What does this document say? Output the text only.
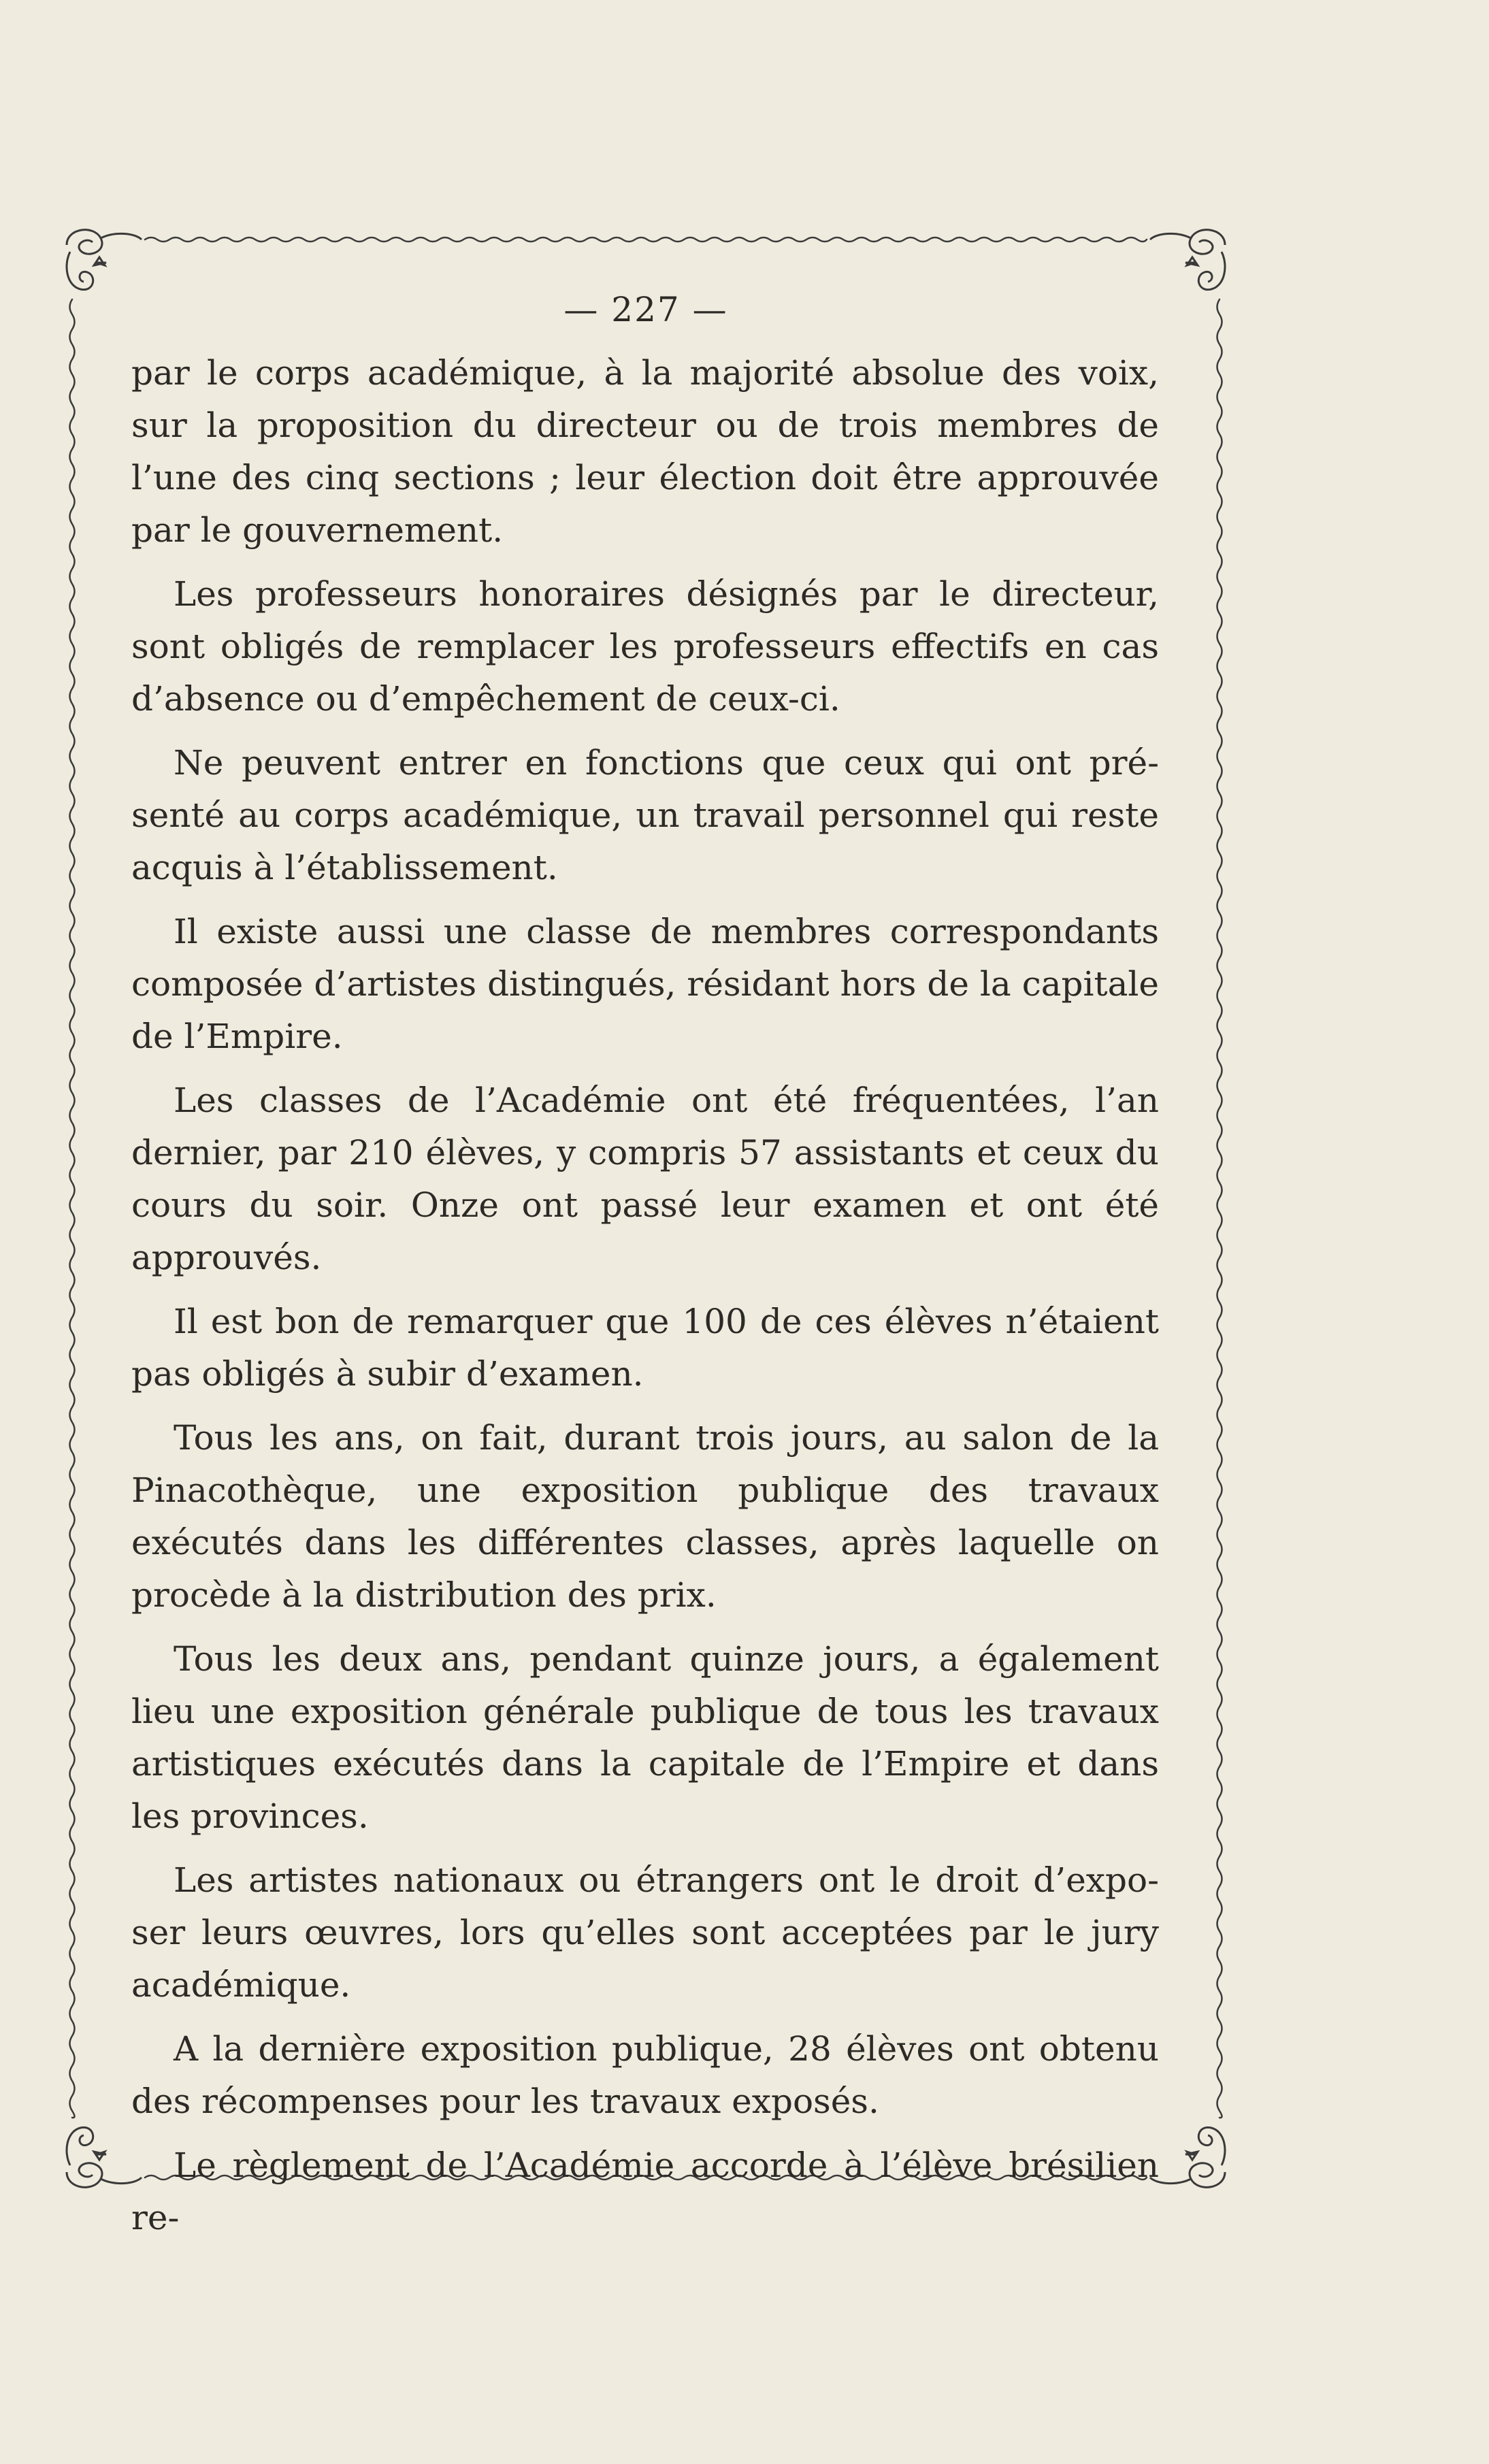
— 227 —

par le corps académique, à la majorité absolue des voix, sur la proposition du directeur ou de trois membres de l’une des cinq sections ; leur élection doit être approuvée par le gouvernement.

Les professeurs honoraires désignés par le directeur, sont obligés de remplacer les professeurs effectifs en cas d’absence ou d’empêchement de ceux-ci.

Ne peuvent entrer en fonctions que ceux qui ont présenté au corps académique, un travail personnel qui reste acquis à l’établissement.

Il existe aussi une classe de membres correspondants composée d’artistes distingués, résidant hors de la capitale de l’Empire.

Les classes de l’Académie ont été fréquentées, l’an dernier, par 210 élèves, y compris 57 assistants et ceux du cours du soir. Onze ont passé leur examen et ont été approuvés.

Il est bon de remarquer que 100 de ces élèves n’étaient pas obligés à subir d’examen.

Tous les ans, on fait, durant trois jours, au salon de la Pinacothèque, une exposition publique des travaux exécutés dans les différentes classes, après laquelle on procède à la distribution des prix.

Tous les deux ans, pendant quinze jours, a également lieu une exposition générale publique de tous les travaux artistiques exécutés dans la capitale de l’Empire et dans les provinces.

Les artistes nationaux ou étrangers ont le droit d’exposer leurs œuvres, lors qu’elles sont acceptées par le jury académique.

A la dernière exposition publique, 28 élèves ont obtenu des récompenses pour les travaux exposés.

Le règlement de l’Académie accorde à l’élève brésilien re-
